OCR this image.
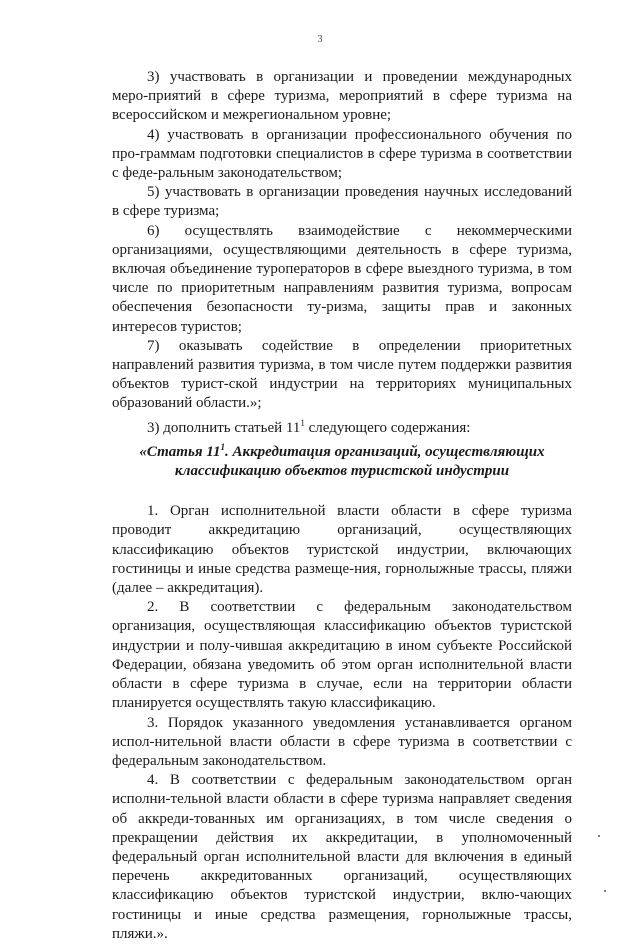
3

3) участвовать в организации и проведении международных меро-приятий в сфере туризма, мероприятий в сфере туризма на всероссийском и межрегиональном уровне;

4) участвовать в организации профессионального обучения по про-граммам подготовки специалистов в сфере туризма в соответствии с феде-ральным законодательством;

5) участвовать в организации проведения научных исследований в сфере туризма;

6) осуществлять взаимодействие с некоммерческими организациями, осуществляющими деятельность в сфере туризма, включая объединение туроператоров в сфере выездного туризма, в том числе по приоритетным направлениям развития туризма, вопросам обеспечения безопасности ту-ризма, защиты прав и законных интересов туристов;

7) оказывать содействие в определении приоритетных направлений развития туризма, в том числе путем поддержки развития объектов турист-ской индустрии на территориях муниципальных образований области.»;

3) дополнить статьей $11^1$ следующего содержания:

«Статья $11^1$. Аккредитация организаций, осуществляющих
классификацию объектов туристской индустрии

1. Орган исполнительной власти области в сфере туризма проводит аккредитацию организаций, осуществляющих классификацию объектов туристской индустрии, включающих гостиницы и иные средства размеще-ния, горнолыжные трассы, пляжи (далее – аккредитация).

2. В соответствии с федеральным законодательством организация, осуществляющая классификацию объектов туристской индустрии и полу-чившая аккредитацию в ином субъекте Российской Федерации, обязана уведомить об этом орган исполнительной власти области в сфере туризма в случае, если на территории области планируется осуществлять такую классификацию.

3. Порядок указанного уведомления устанавливается органом испол-нительной власти области в сфере туризма в соответствии с федеральным законодательством.

4. В соответствии с федеральным законодательством орган исполни-тельной власти области в сфере туризма направляет сведения об аккреди-тованных им организациях, в том числе сведения о прекращении действия их аккредитации, в уполномоченный федеральный орган исполнительной власти для включения в единый перечень аккредитованных организаций, осуществляющих классификацию объектов туристской индустрии, вклю-чающих гостиницы и иные средства размещения, горнолыжные трассы, пляжи.».
